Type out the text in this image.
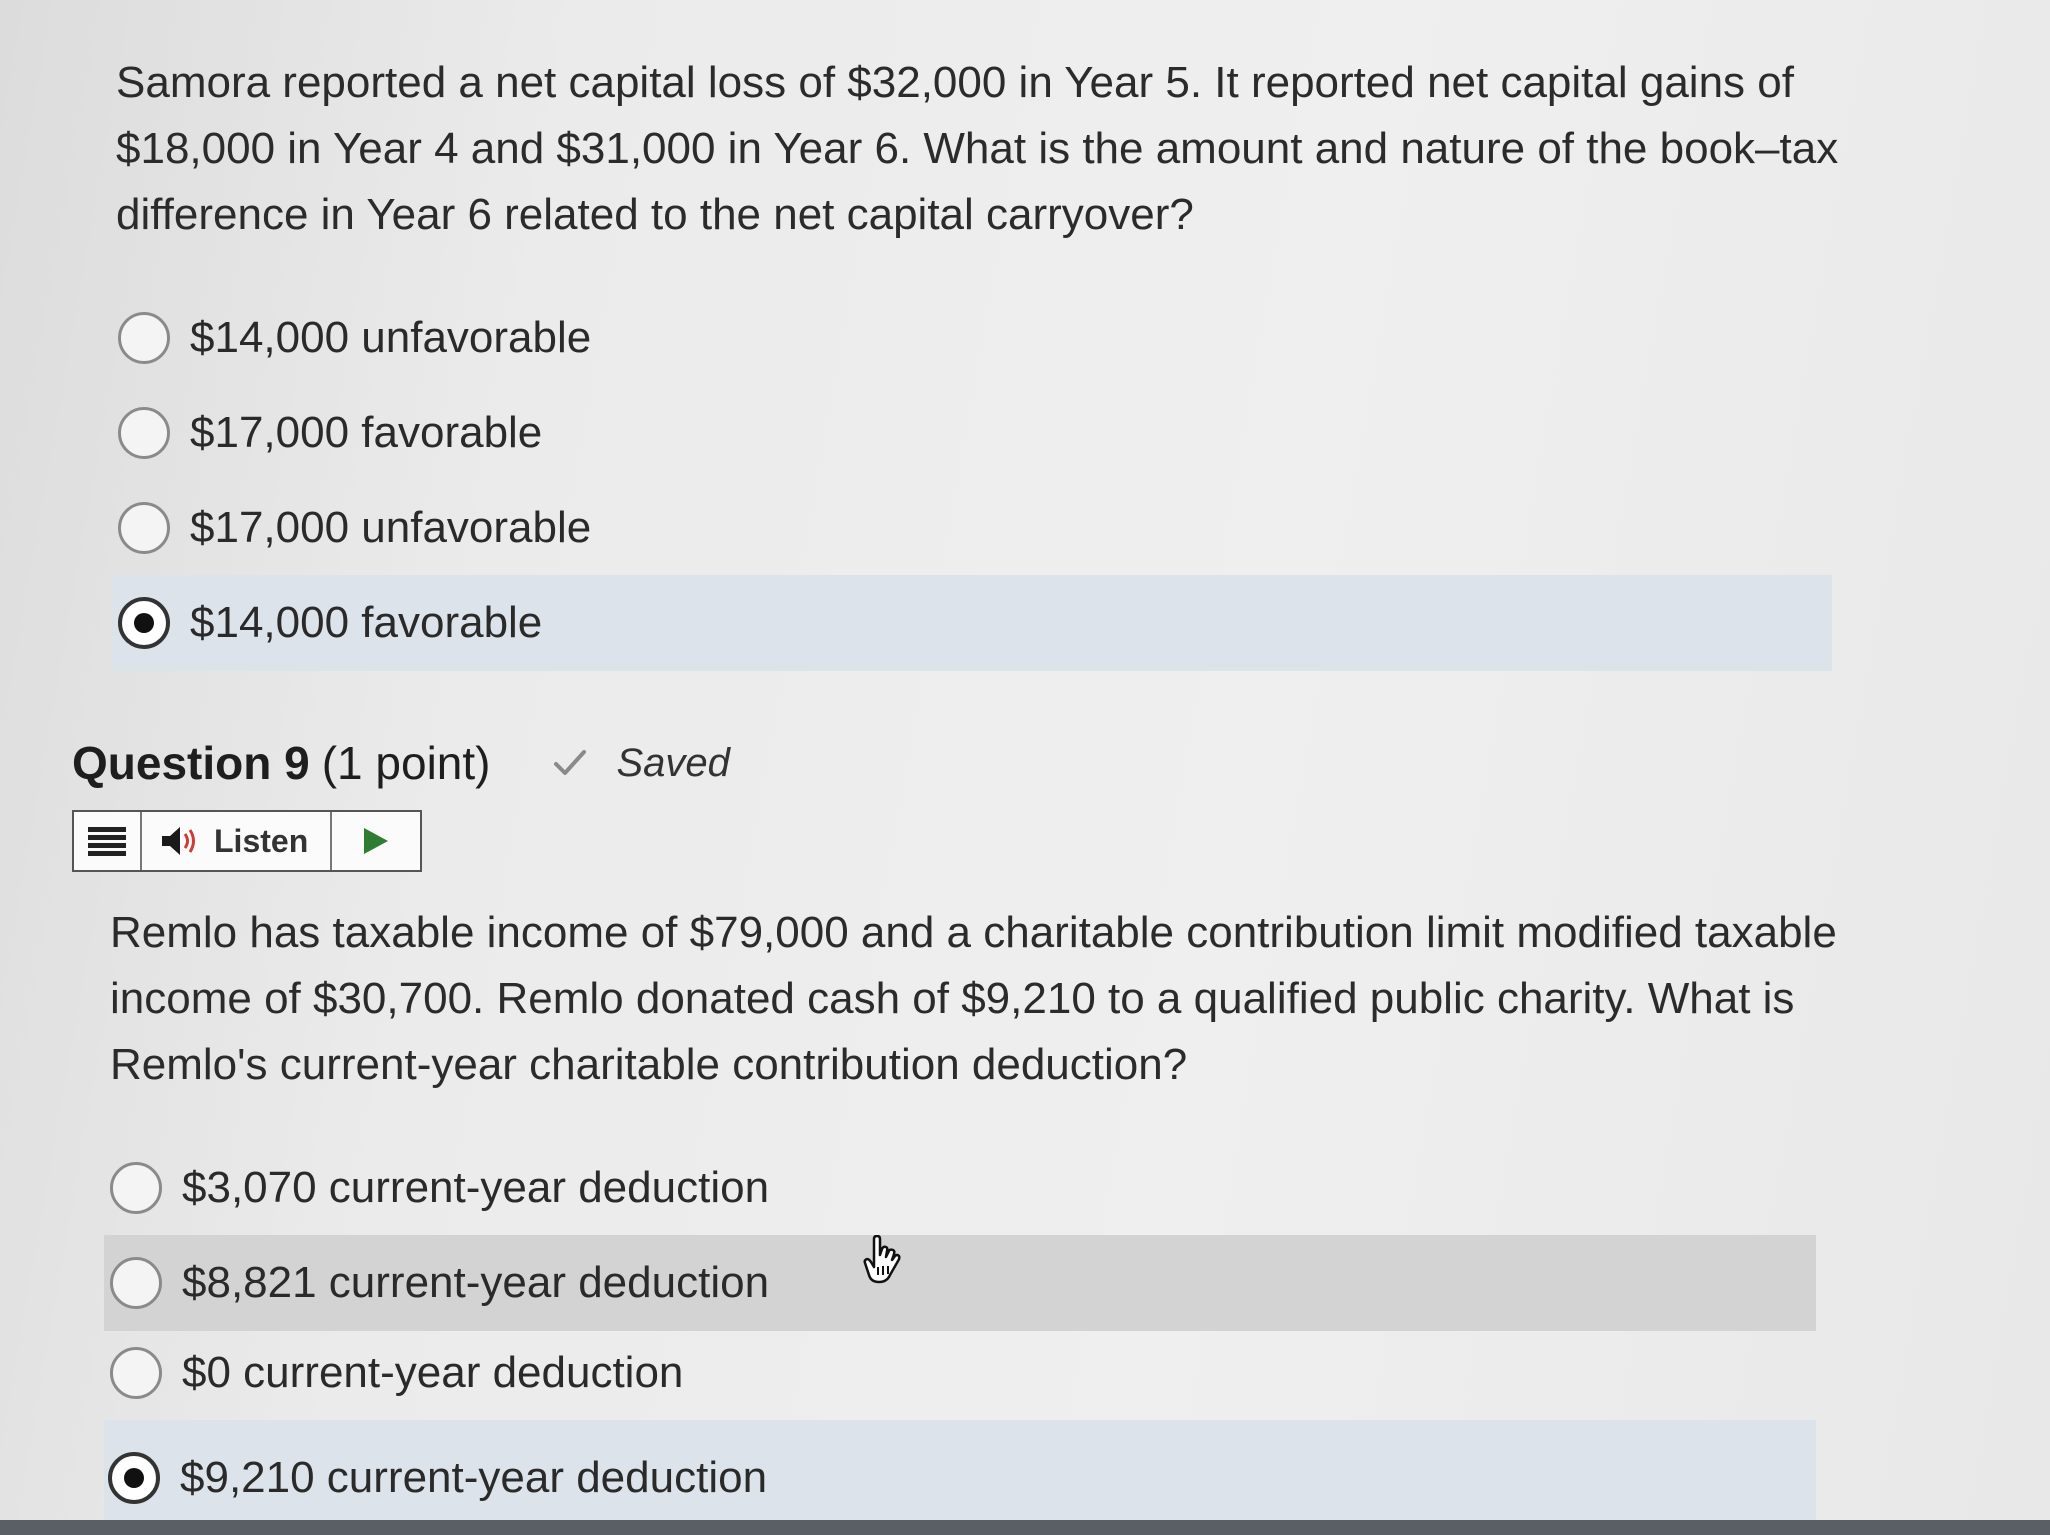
Samora reported a net capital loss of $32,000 in Year 5. It reported net capital gains of $18,000 in Year 4 and $31,000 in Year 6. What is the amount and nature of the book–tax difference in Year 6 related to the net capital carryover?

$14,000 unfavorable
$17,000 favorable
$17,000 unfavorable
$14,000 favorable
Question 9 (1 point)	Saved
Listen

Remlo has taxable income of $79,000 and a charitable contribution limit modified taxable income of $30,700. Remlo donated cash of $9,210 to a qualified public charity. What is Remlo's current-year charitable contribution deduction?

$3,070 current-year deduction
$8,821 current-year deduction
$0 current-year deduction
$9,210 current-year deduction
